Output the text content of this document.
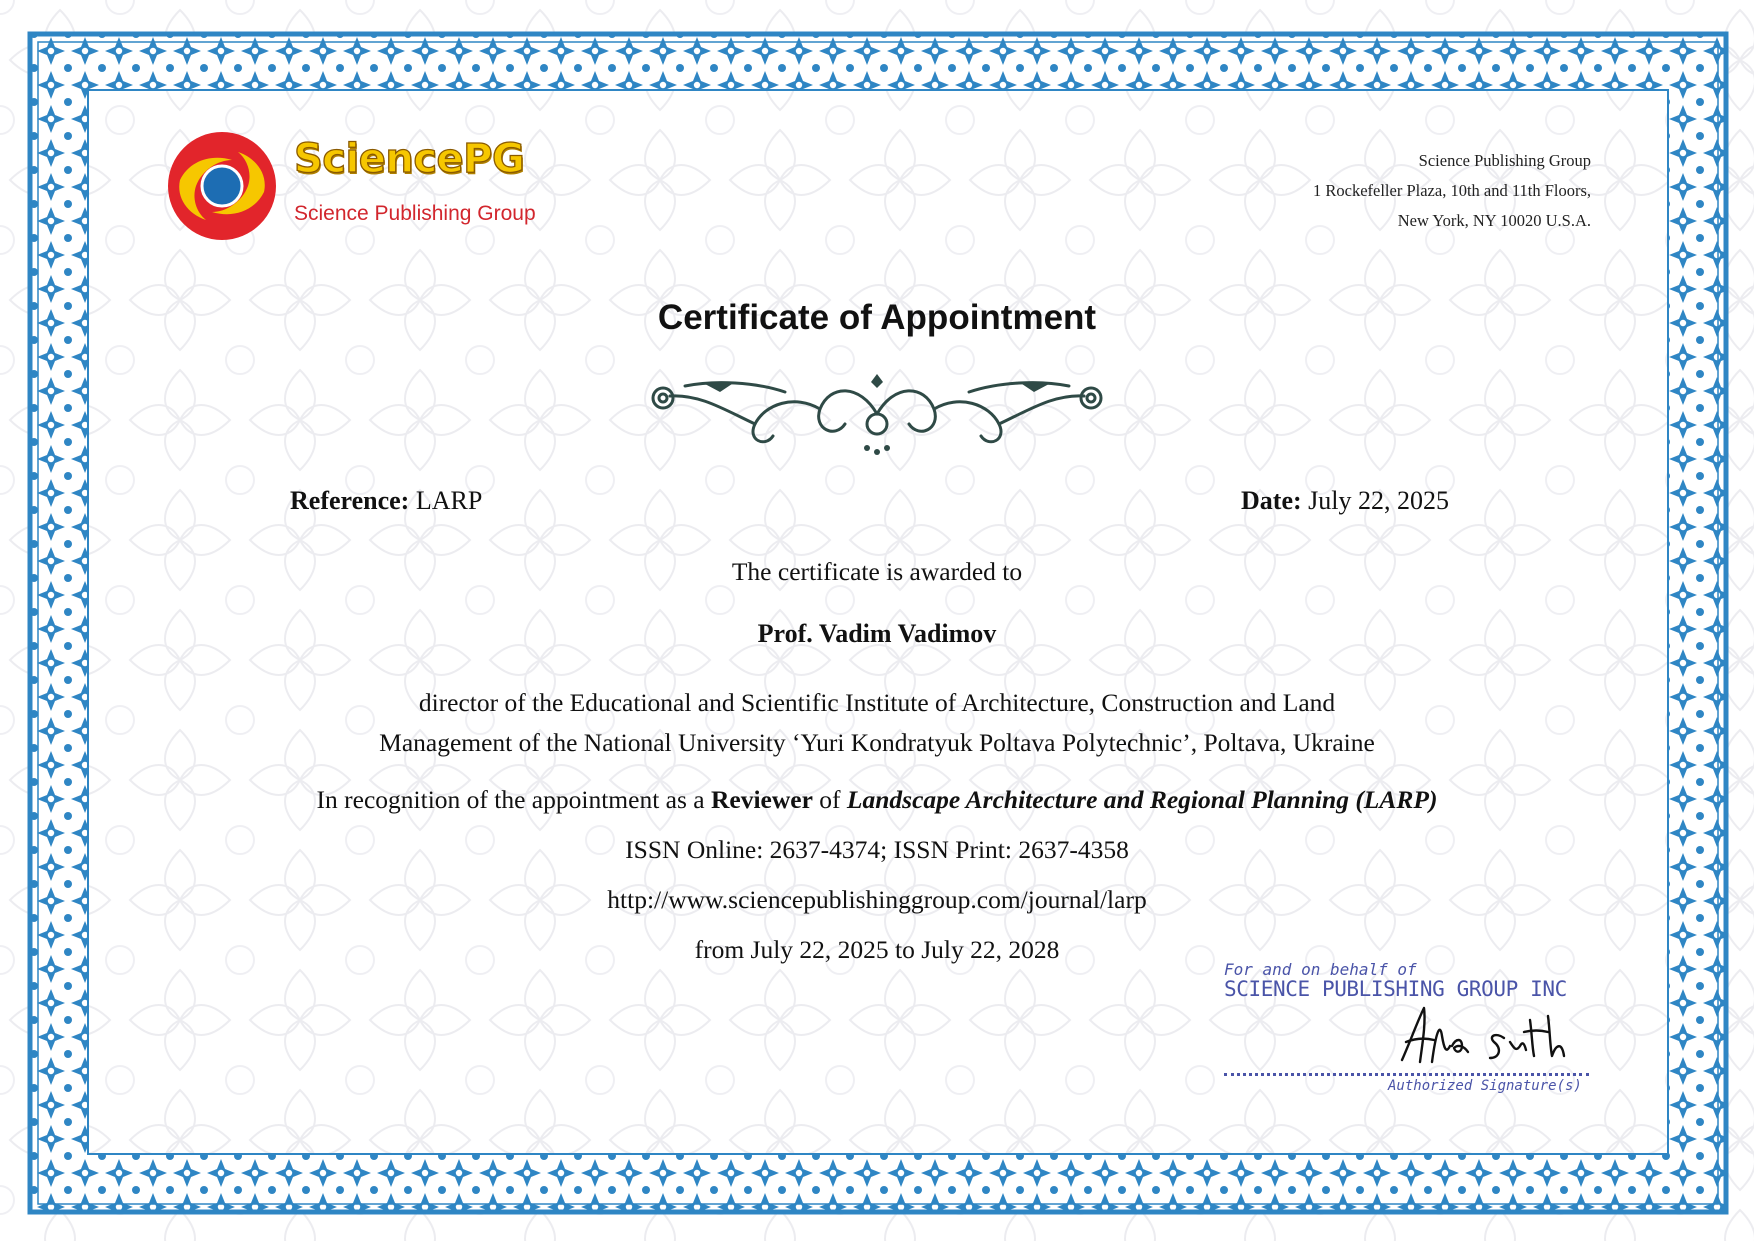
SciencePG
Science Publishing Group
Science Publishing Group
1 Rockefeller Plaza, 10th and 11th Floors,
New York, NY 10020 U.S.A.
Certificate of Appointment
Reference: LARP	Date: July 22, 2025
The certificate is awarded to
Prof. Vadim Vadimov
director of the Educational and Scientific Institute of Architecture, Construction and Land
Management of the National University ‘Yuri Kondratyuk Poltava Polytechnic’, Poltava, Ukraine
In recognition of the appointment as a Reviewer of Landscape Architecture and Regional Planning (LARP)
ISSN Online: 2637-4374; ISSN Print: 2637-4358
http://www.sciencepublishinggroup.com/journal/larp
from July 22, 2025 to July 22, 2028
For and on behalf of
SCIENCE PUBLISHING GROUP INC
Authorized Signature(s)
